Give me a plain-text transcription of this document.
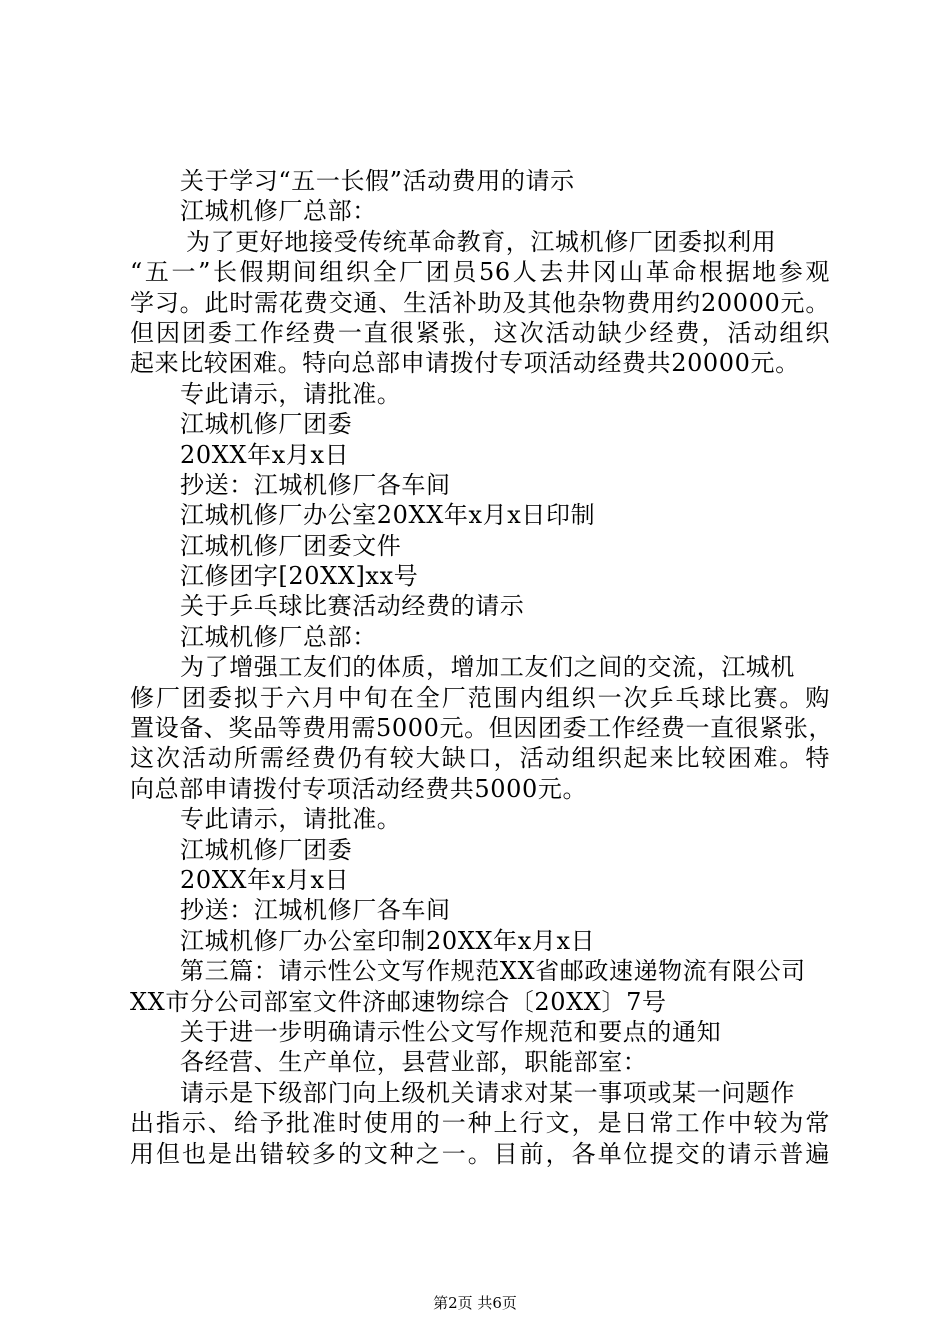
关于学习“五一长假”活动费用的请示
江城机修厂总部：
为了更好地接受传统革命教育，江城机修厂团委拟利用
“五一”长假期间组织全厂团员56人去井冈山革命根据地参观
学习。此时需花费交通、生活补助及其他杂物费用约20000元。
但因团委工作经费一直很紧张，这次活动缺少经费，活动组织
起来比较困难。特向总部申请拨付专项活动经费共20000元。
专此请示，请批准。
江城机修厂团委
20XX年x月x日
抄送：江城机修厂各车间
江城机修厂办公室20XX年x月x日印制
江城机修厂团委文件
江修团字[20XX]xx号
关于乒乓球比赛活动经费的请示
江城机修厂总部：
为了增强工友们的体质，增加工友们之间的交流，江城机
修厂团委拟于六月中旬在全厂范围内组织一次乒乓球比赛。购
置设备、奖品等费用需5000元。但因团委工作经费一直很紧张，
这次活动所需经费仍有较大缺口，活动组织起来比较困难。特
向总部申请拨付专项活动经费共5000元。
专此请示，请批准。
江城机修厂团委
20XX年x月x日
抄送：江城机修厂各车间
江城机修厂办公室印制20XX年x月x日
第三篇：请示性公文写作规范XX省邮政速递物流有限公司
XX市分公司部室文件济邮速物综合〔20XX〕7号
关于进一步明确请示性公文写作规范和要点的通知
各经营、生产单位，县营业部，职能部室：
请示是下级部门向上级机关请求对某一事项或某一问题作
出指示、给予批准时使用的一种上行文，是日常工作中较为常
用但也是出错较多的文种之一。目前，各单位提交的请示普遍
第2页 共6页
